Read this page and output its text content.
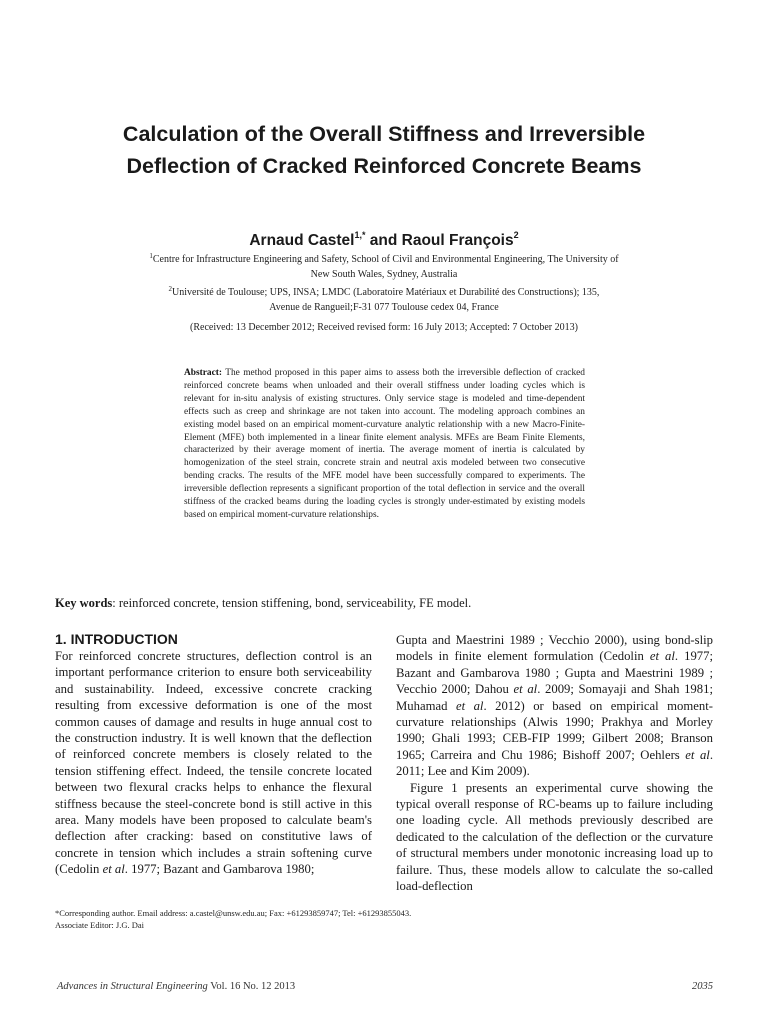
Calculation of the Overall Stiffness and Irreversible
Deflection of Cracked Reinforced Concrete Beams
Arnaud Castel$^{1,*}$ and Raoul François$^2$
$^1$Centre for Infrastructure Engineering and Safety, School of Civil and Environmental Engineering, The University of
New South Wales, Sydney, Australia
$^2$Université de Toulouse; UPS, INSA; LMDC (Laboratoire Matériaux et Durabilité des Constructions); 135,
Avenue de Rangueil;F-31 077 Toulouse cedex 04, France
(Received: 13 December 2012; Received revised form: 16 July 2013; Accepted: 7 October 2013)
Abstract: The method proposed in this paper aims to assess both the irreversible deflection of cracked reinforced concrete beams when unloaded and their overall stiffness under loading cycles which is relevant for in-situ analysis of existing structures. Only service stage is modeled and time-dependent effects such as creep and shrinkage are not taken into account. The modeling approach combines an existing model based on an empirical moment-curvature analytic relationship with a new Macro-Finite-Element (MFE) both implemented in a linear finite element analysis. MFEs are Beam Finite Elements, characterized by their average moment of inertia. The average moment of inertia is calculated by homogenization of the steel strain, concrete strain and neutral axis modeled between two consecutive bending cracks. The results of the MFE model have been successfully compared to experiments. The irreversible deflection represents a significant proportion of the total deflection in service and the overall stiffness of the cracked beams during the loading cycles is strongly under-estimated by existing models based on empirical moment-curvature relationships.
Key words: reinforced concrete, tension stiffening, bond, serviceability, FE model.
1. INTRODUCTION

For reinforced concrete structures, deflection control is an important performance criterion to ensure both serviceability and sustainability. Indeed, excessive concrete cracking resulting from excessive deformation is one of the most common causes of damage and results in huge annual cost to the construction industry. It is well known that the deflection of reinforced concrete members is closely related to the tension stiffening effect. Indeed, the tensile concrete located between two flexural cracks helps to enhance the flexural stiffness because the steel-concrete bond is still active in this area. Many models have been proposed to calculate beam's deflection after cracking: based on constitutive laws of concrete in tension which includes a strain softening curve (Cedolin et al. 1977; Bazant and Gambarova 1980;

Gupta and Maestrini 1989 ; Vecchio 2000), using bond-slip models in finite element formulation (Cedolin et al. 1977; Bazant and Gambarova 1980 ; Gupta and Maestrini 1989 ; Vecchio 2000; Dahou et al. 2009; Somayaji and Shah 1981; Muhamad et al. 2012) or based on empirical moment-curvature relationships (Alwis 1990; Prakhya and Morley 1990; Ghali 1993; CEB-FIP 1999; Gilbert 2008; Branson 1965; Carreira and Chu 1986; Bishoff 2007; Oehlers et al. 2011; Lee and Kim 2009).

Figure 1 presents an experimental curve showing the typical overall response of RC-beams up to failure including one loading cycle. All methods previously described are dedicated to the calculation of the deflection or the curvature of structural members under monotonic increasing load up to failure. Thus, these models allow to calculate the so-called load-deflection

*Corresponding author. Email address: a.castel@unsw.edu.au; Fax: +61293859747; Tel: +61293855043.
Associate Editor: J.G. Dai
Advances in Structural Engineering Vol. 16 No. 12 2013	2035
